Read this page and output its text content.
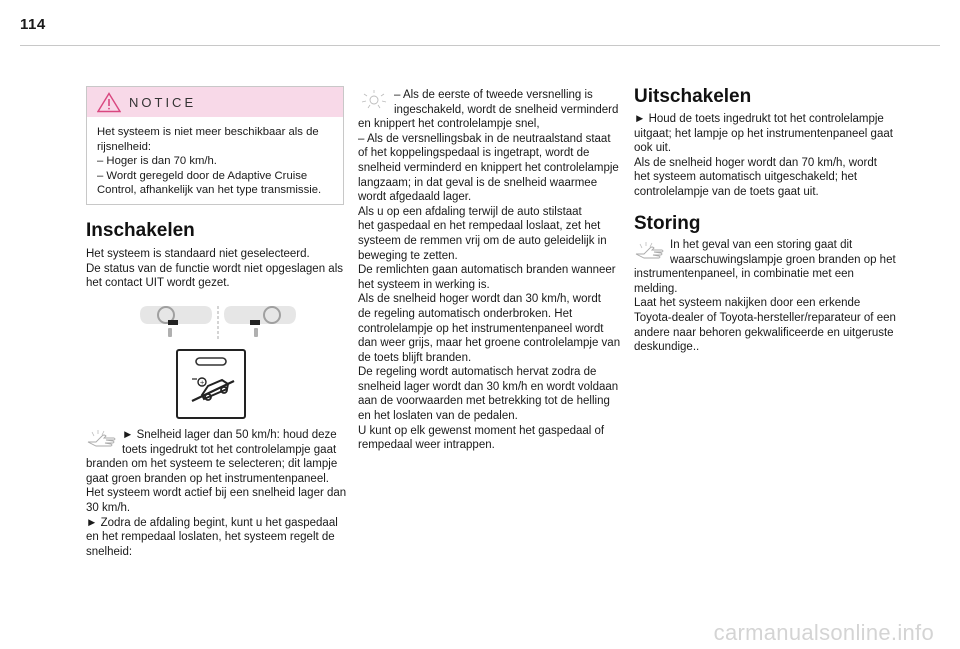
114
NOTICE

Het systeem is niet meer beschikbaar als de

rijsnelheid:

– Hoger is dan 70 km/h.

– Wordt geregeld door de Adaptive Cruise

Control, afhankelijk van het type transmissie.

Inschakelen

Het systeem is standaard niet geselecteerd.

De status van de functie wordt niet opgeslagen als

het contact UIT wordt gezet.

+

► Snelheid lager dan 50 km/h: houd deze

toets ingedrukt tot het controlelampje gaat

branden om het systeem te selecteren; dit lampje

gaat groen branden op het instrumentenpaneel.

Het systeem wordt actief bij een snelheid lager dan

30 km/h.

► Zodra de afdaling begint, kunt u het gaspedaal

en het rempedaal loslaten, het systeem regelt de

snelheid:

– Als de eerste of tweede versnelling is

ingeschakeld, wordt de snelheid verminderd

en knippert het controlelampje snel,

– Als de versnellingsbak in de neutraalstand staat

of het koppelingspedaal is ingetrapt, wordt de

snelheid verminderd en knippert het controlelampje

langzaam; in dat geval is de snelheid waarmee

wordt afgedaald lager.

Als u op een afdaling terwijl de auto stilstaat

het gaspedaal en het rempedaal loslaat, zet het

systeem de remmen vrij om de auto geleidelijk in

beweging te zetten.

De remlichten gaan automatisch branden wanneer

het systeem in werking is.

Als de snelheid hoger wordt dan 30 km/h, wordt

de regeling automatisch onderbroken. Het

controlelampje op het instrumentenpaneel wordt

dan weer grijs, maar het groene controlelampje van

de toets blijft branden.

De regeling wordt automatisch hervat zodra de

snelheid lager wordt dan 30 km/h en wordt voldaan

aan de voorwaarden met betrekking tot de helling

en het loslaten van de pedalen.

U kunt op elk gewenst moment het gaspedaal of

rempedaal weer intrappen.

Uitschakelen

► Houd de toets ingedrukt tot het controlelampje

uitgaat; het lampje op het instrumentenpaneel gaat

ook uit.

Als de snelheid hoger wordt dan 70 km/h, wordt

het systeem automatisch uitgeschakeld; het

controlelampje van de toets gaat uit.

Storing

In het geval van een storing gaat dit

waarschuwingslampje groen branden op het

instrumentenpaneel, in combinatie met een

melding.

Laat het systeem nakijken door een erkende

Toyota-dealer of Toyota-hersteller/reparateur of een

andere naar behoren gekwalificeerde en uitgeruste

deskundige..

carmanualsonline.info
